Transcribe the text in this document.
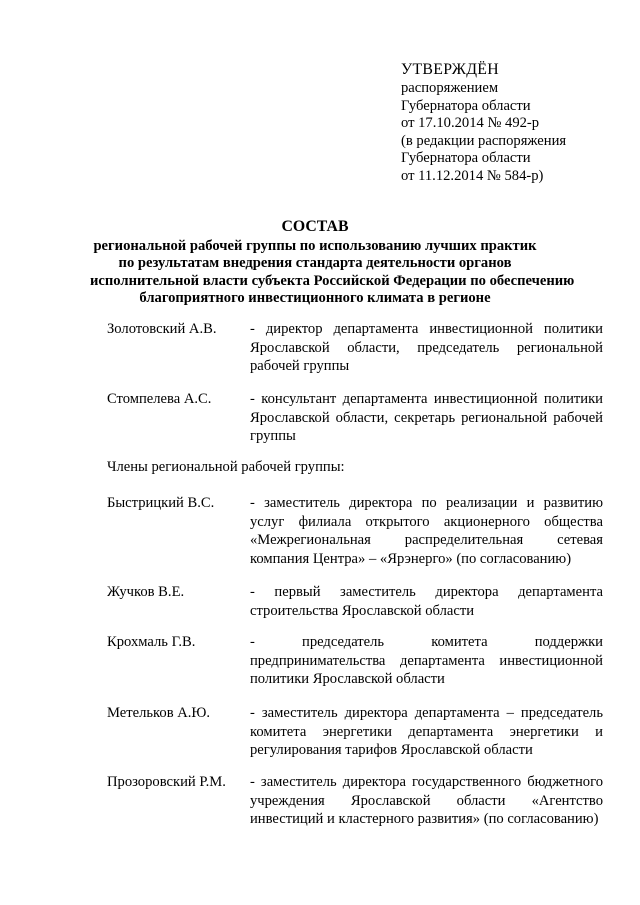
УТВЕРЖДЁН
распоряжением
Губернатора области
от 17.10.2014 № 492-р
(в редакции распоряжения
Губернатора области
от 11.12.2014 № 584-р)
СОСТАВ
региональной рабочей группы по использованию лучших практик
по результатам внедрения стандарта деятельности органов
исполнительной власти субъекта Российской Федерации по обеспечению
благоприятного инвестиционного климата в регионе
Золотовский А.В. - директор департамента инвестиционной политики Ярославской области, председатель региональной рабочей группы
Стомпелева А.С.	- консультант департамента инвестиционной политики Ярославской области, секретарь региональной рабочей группы
Члены региональной рабочей группы:
Быстрицкий В.С. - заместитель директора по реализации и развитию услуг филиала открытого акционерного общества «Межрегиональная распределительная сетевая компания Центра» – «Ярэнерго» (по согласованию)
Жучков В.Е.	- первый заместитель директора департамента строительства Ярославской области
Крохмаль Г.В.	- председатель комитета поддержки предпринимательства департамента инвестиционной политики Ярославской области
Метельков А.Ю.	- заместитель директора департамента – председатель комитета энергетики департамента энергетики и регулирования тарифов Ярославской области
Прозоровский Р.М. - заместитель директора государственного бюджетного учреждения Ярославской области «Агентство инвестиций и кластерного развития» (по согласованию)
